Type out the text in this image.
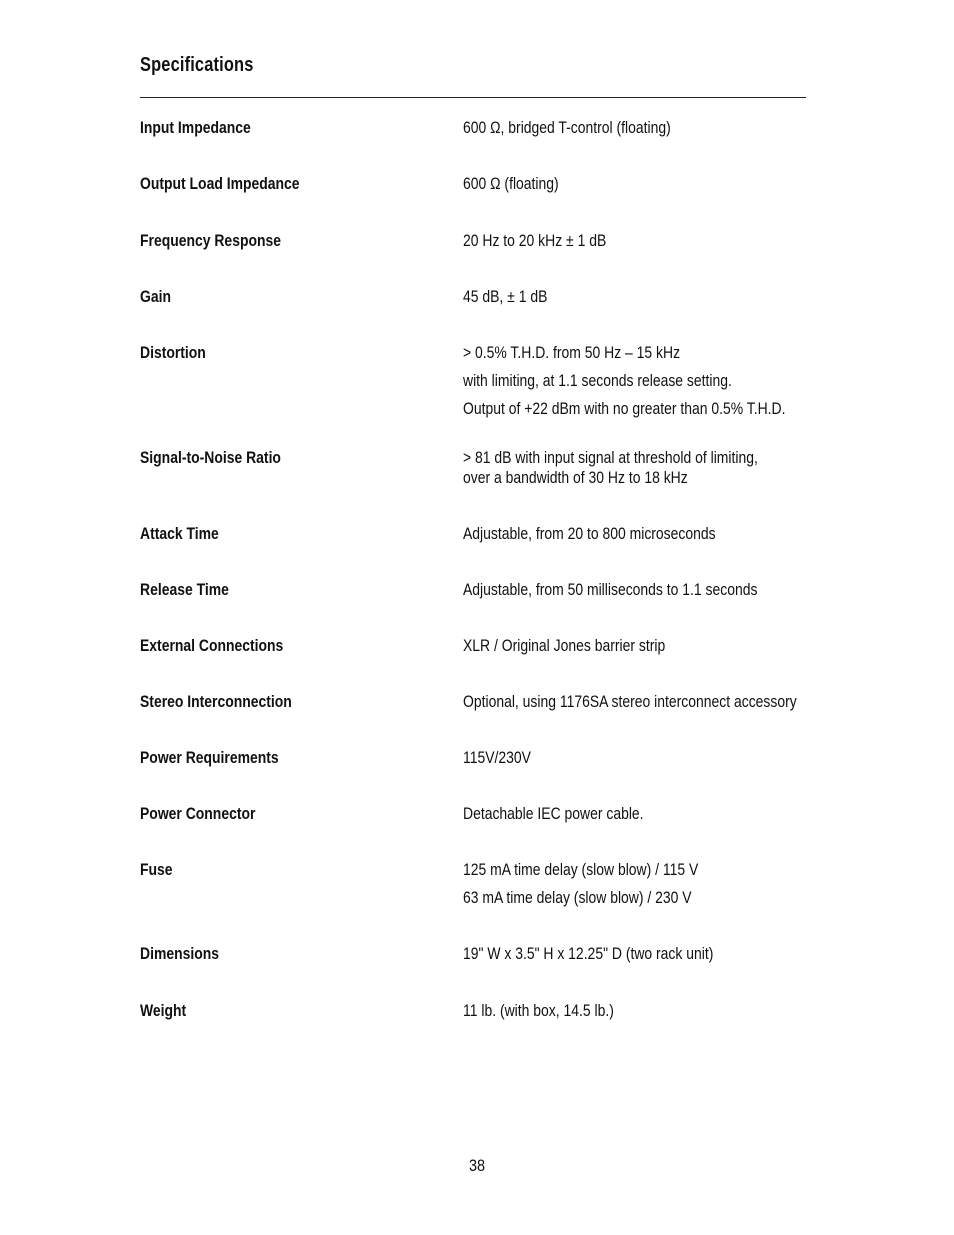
Specifications
Input Impedance	600 Ω, bridged T-control (floating)
Output Load Impedance	600 Ω (floating)
Frequency Response	20 Hz to 20 kHz ± 1 dB
Gain	45 dB, ± 1 dB
Distortion	> 0.5% T.H.D. from 50 Hz – 15 kHz
with limiting, at 1.1 seconds release setting.
Output of +22 dBm with no greater than 0.5% T.H.D.
Signal-to-Noise Ratio	> 81 dB with input signal at threshold of limiting,
over a bandwidth of 30 Hz to 18 kHz
Attack Time	Adjustable, from 20 to 800 microseconds
Release Time	Adjustable, from 50 milliseconds to 1.1 seconds
External Connections	XLR / Original Jones barrier strip
Stereo Interconnection	Optional, using 1176SA stereo interconnect accessory
Power Requirements	115V/230V
Power Connector	Detachable IEC power cable.
Fuse	125 mA time delay (slow blow) / 115 V
63 mA time delay (slow blow) / 230 V
Dimensions	19" W x 3.5" H x 12.25" D (two rack unit)
Weight	11 lb. (with box, 14.5 lb.)
38
